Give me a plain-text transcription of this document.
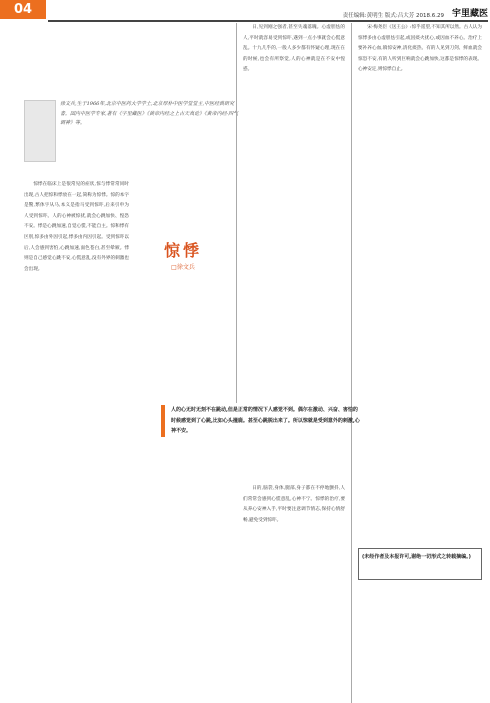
04	责任编辑:黄明生 版式:吕大芳 2018.6.29 宇里藏医
徐文兵,生于1966年,北京中医药大学学士,北京厚朴中医学堂堂主,中医经典研究者。国内中医学专家,著有《字里藏医》《黄帝内经之上古天真论》《黄帝内经·四气调神》等。

惊悸在临床上是很常见的症状,惊与悸常常同时出现,古人把惊和悸放在一起,简称为惊悸。惊的本字是驚,繁体字从马,本义是指马受到惊吓,后来引申为人受到惊吓。人的心神被惊扰,就会心跳加快、惶恐不安。悸是心跳加速,自觉心慌,不能自主。惊和悸有区别,惊多由外因引起,悸多由内因引起。受到惊吓以后,人会感到害怕,心跳加速,面色苍白,甚至晕厥。悸则是自己感觉心跳不安,心慌意乱,没有外界的刺激也会出现。

惊悸
□徐文兵

日,见到刚之强者,甚至失魂落魄。心虚胆怯的人,平时就容易受到惊吓,遇到一点小事就会心慌意乱。十九几乎的,一般人多少都有怀疑心理,现在在的时候,也会有所察觉,人的心神就是在不安中惶惑。

人的心无时无刻不在跳动,但是正常的情况下人感觉不到。偶尔在激动、兴奋、害怕的时候感觉到了心跳,比如心头撞鹿。甚至心跳脱出来了。所以惊就是受到意外的刺激,心神不安。

日的,脑袋,身体,腿部,身子都在不停地颤抖,人们常常会感到心慌意乱,心神不宁。惊悸的治疗,要从养心安神入手,平时要注意调节情志,保持心情舒畅,避免受到惊吓。

宋·梅尧臣《送王公》:惊乎遥望,不知其所以然。古人认为惊悸多由心虚胆怯引起,或因痰火扰心,或因血不养心。治疗上要补养心血,镇惊安神,清化痰热。有的人见到刀剑、鲜血就会惊恐不安,有的人听到巨响就会心跳加快,这都是惊悸的表现。心神安定,则惊悸自止。

(未经作者及本报许可,谢绝一切形式之转载摘编。)
